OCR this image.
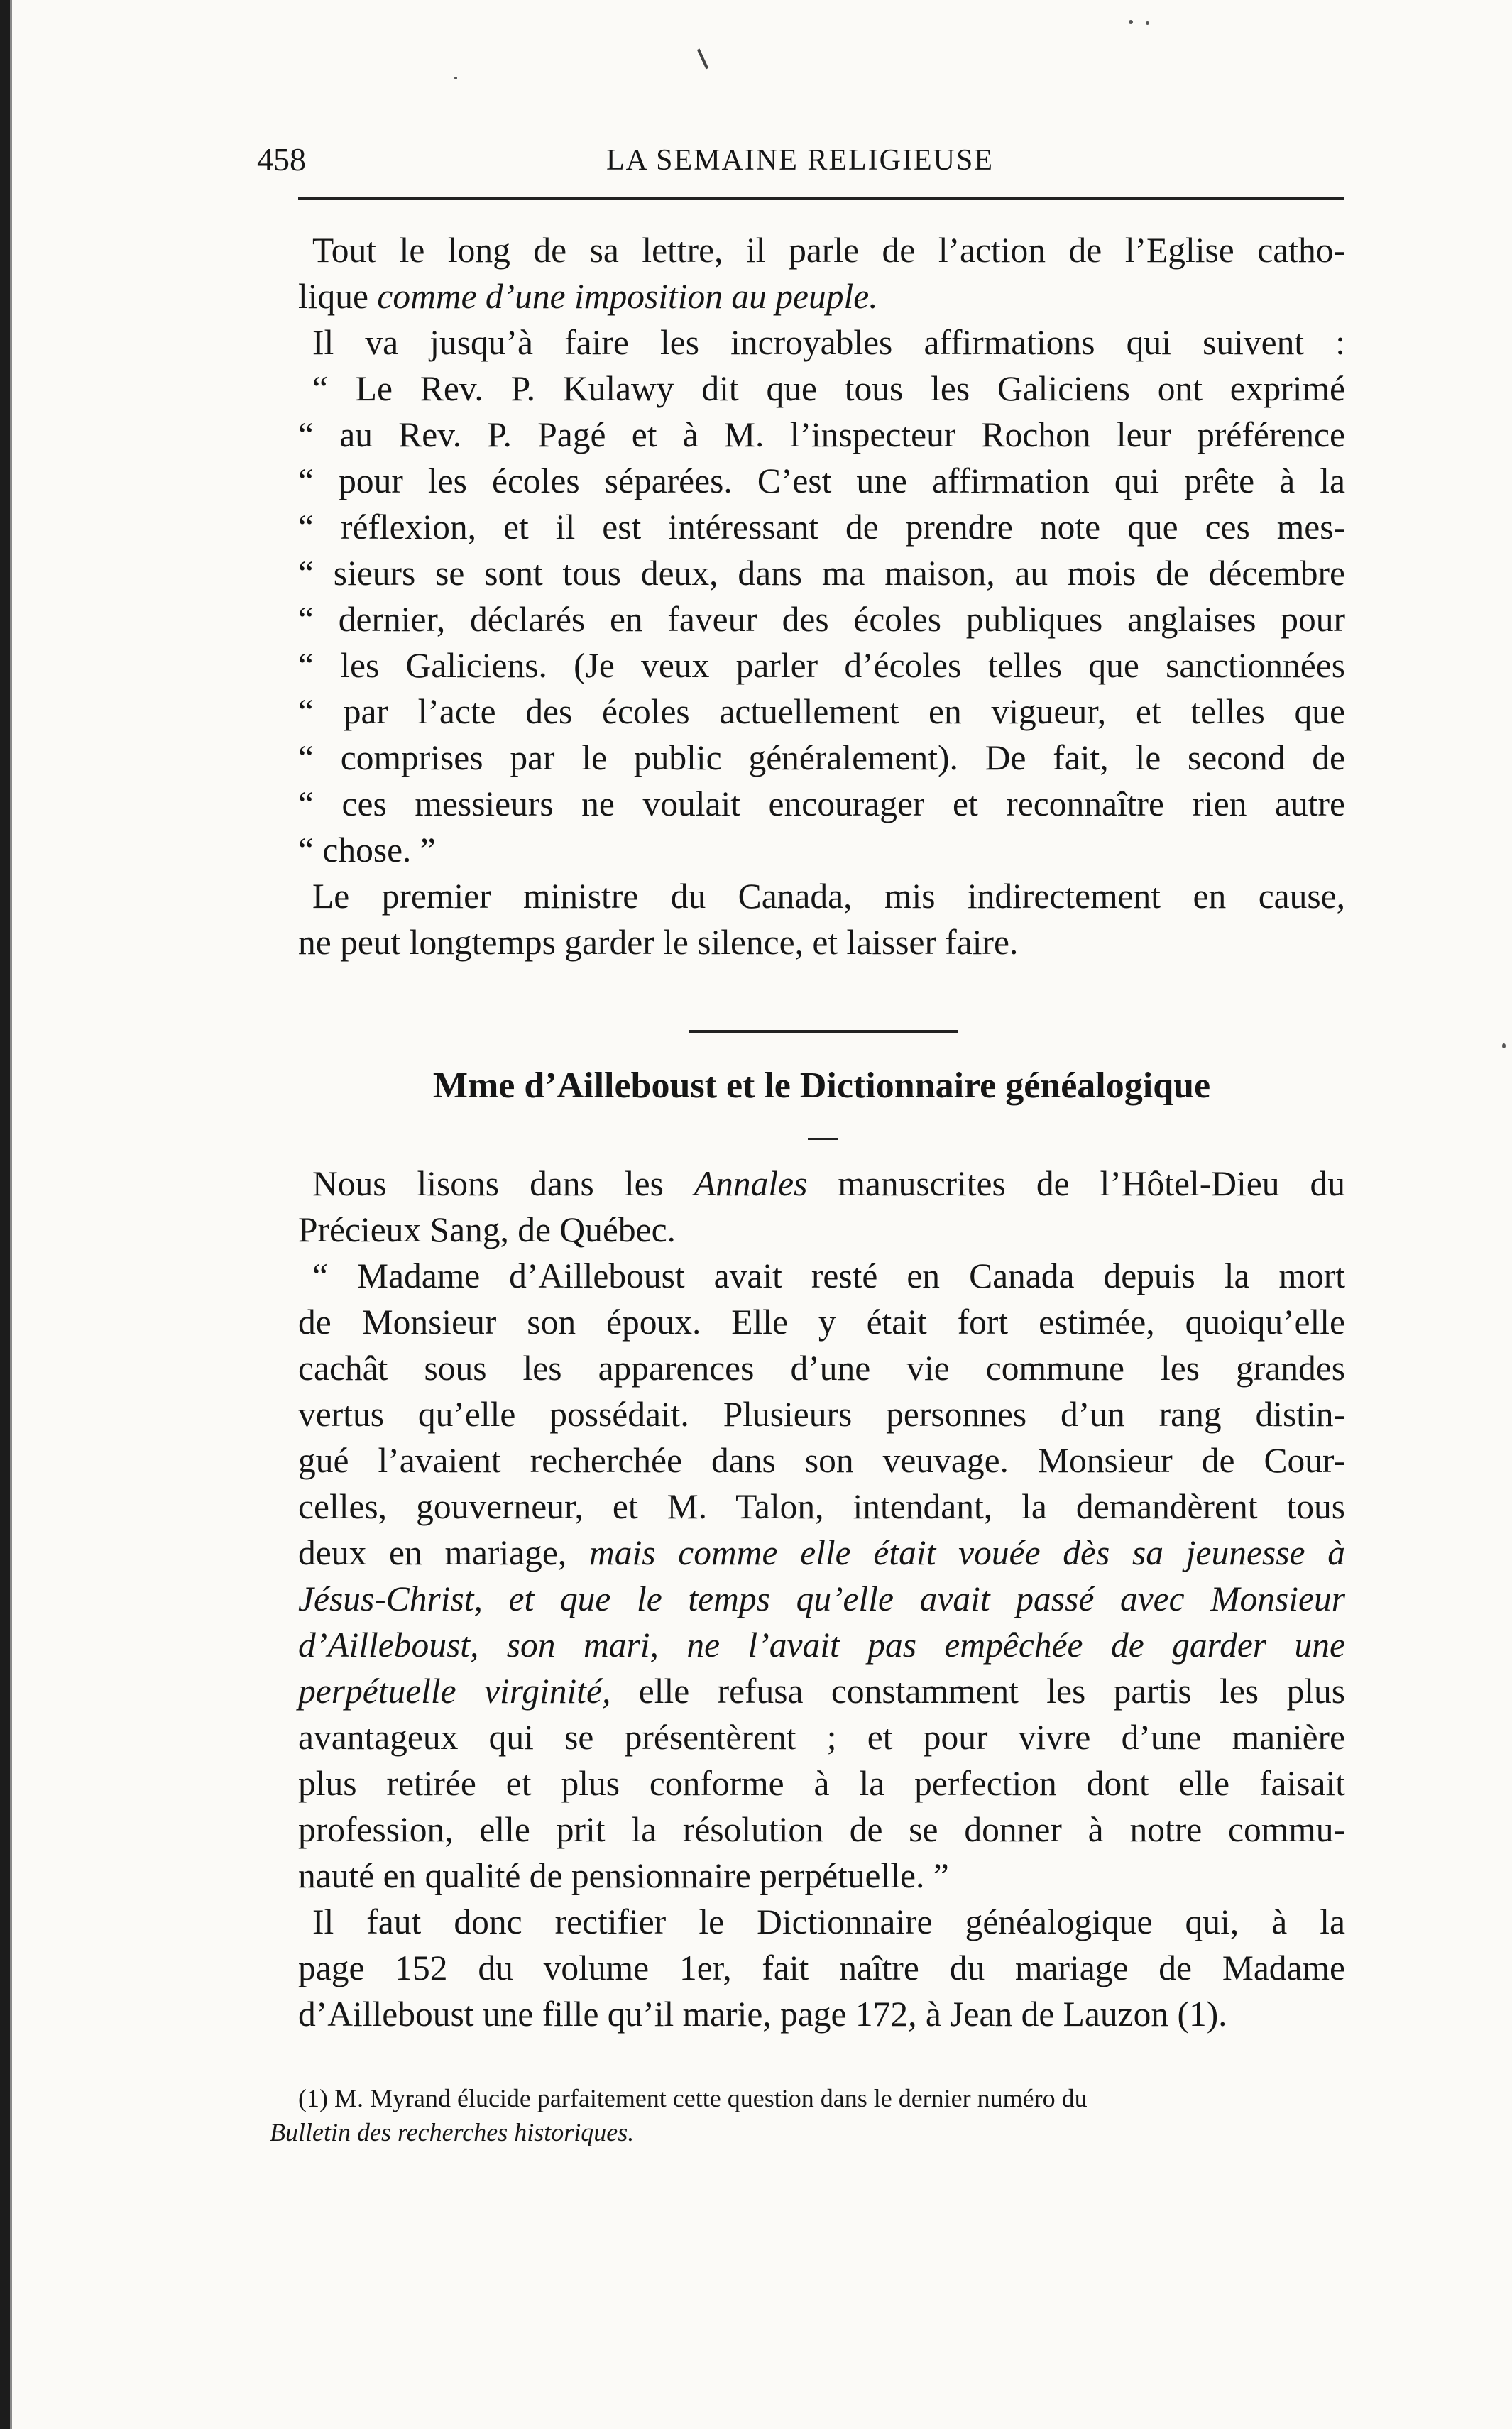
458	LA SEMAINE RELIGIEUSE

Tout le long de sa lettre, il parle de l’action de l’Eglise catho-

lique comme d’une imposition au peuple.

Il va jusqu’à faire les incroyables affirmations qui suivent :

“ Le Rev. P. Kulawy dit que tous les Galiciens ont exprimé

“ au Rev. P. Pagé et à M. l’inspecteur Rochon leur préférence

“ pour les écoles séparées. C’est une affirmation qui prête à la

“ réflexion, et il est intéressant de prendre note que ces mes-

“ sieurs se sont tous deux, dans ma maison, au mois de décembre

“ dernier, déclarés en faveur des écoles publiques anglaises pour

“ les Galiciens. (Je veux parler d’écoles telles que sanctionnées

“ par l’acte des écoles actuellement en vigueur, et telles que

“ comprises par le public généralement). De fait, le second de

“ ces messieurs ne voulait encourager et reconnaître rien autre

“ chose. ”

Le premier ministre du Canada, mis indirectement en cause,

ne peut longtemps garder le silence, et laisser faire.

Mme d’Ailleboust et le Dictionnaire généalogique

Nous lisons dans les Annales manuscrites de l’Hôtel-Dieu du

Précieux Sang, de Québec.

“ Madame d’Ailleboust avait resté en Canada depuis la mort

de Monsieur son époux. Elle y était fort estimée, quoiqu’elle

cachât sous les apparences d’une vie commune les grandes

vertus qu’elle possédait. Plusieurs personnes d’un rang distin-

gué l’avaient recherchée dans son veuvage. Monsieur de Cour-

celles, gouverneur, et M. Talon, intendant, la demandèrent tous

deux en mariage, mais comme elle était vouée dès sa jeunesse à

Jésus-Christ, et que le temps qu’elle avait passé avec Monsieur

d’Ailleboust, son mari, ne l’avait pas empêchée de garder une

perpétuelle virginité, elle refusa constamment les partis les plus

avantageux qui se présentèrent ; et pour vivre d’une manière

plus retirée et plus conforme à la perfection dont elle faisait

profession, elle prit la résolution de se donner à notre commu-

nauté en qualité de pensionnaire perpétuelle. ”

Il faut donc rectifier le Dictionnaire généalogique qui, à la

page 152 du volume 1er, fait naître du mariage de Madame

d’Ailleboust une fille qu’il marie, page 172, à Jean de Lauzon (1).

(1) M. Myrand élucide parfaitement cette question dans le dernier numéro du

Bulletin des recherches historiques.
